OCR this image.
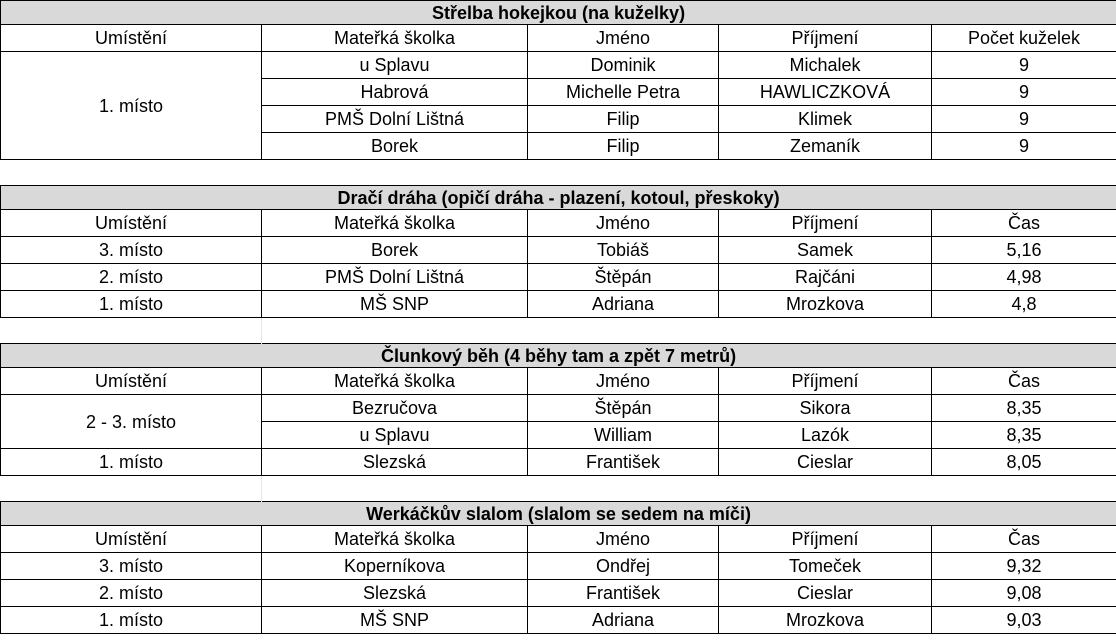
Střelba hokejkou (na kuželky)				
Umístění	Mateřká školka	Jméno	Příjmení	Počet kuželek
1. místo	u Splavu	Dominik	Michalek	9
	Habrová	Michelle Petra	HAWLICZKOVÁ	9
	PMŠ Dolní Lištná	Filip	Klimek	9
	Borek	Filip	Zemaník	9

Dračí dráha (opičí dráha - plazení, kotoul, přeskoky)				
Umístění	Mateřká školka	Jméno	Příjmení	Čas
3. místo	Borek	Tobiáš	Samek	5,16
2. místo	PMŠ Dolní Lištná	Štěpán	Rajčáni	4,98
1. místo	MŠ SNP	Adriana	Mrozkova	4,8

Člunkový běh (4 běhy tam a zpět 7 metrů)				
Umístění	Mateřká školka	Jméno	Příjmení	Čas
2 - 3. místo	Bezručova	Štěpán	Sikora	8,35
	u Splavu	William	Lazók	8,35
1. místo	Slezská	František	Cieslar	8,05

Werkáčkův slalom (slalom se sedem na míči)				
Umístění	Mateřká školka	Jméno	Příjmení	Čas
3. místo	Koperníkova	Ondřej	Tomeček	9,32
2. místo	Slezská	František	Cieslar	9,08
1. místo	MŠ SNP	Adriana	Mrozkova	9,03
